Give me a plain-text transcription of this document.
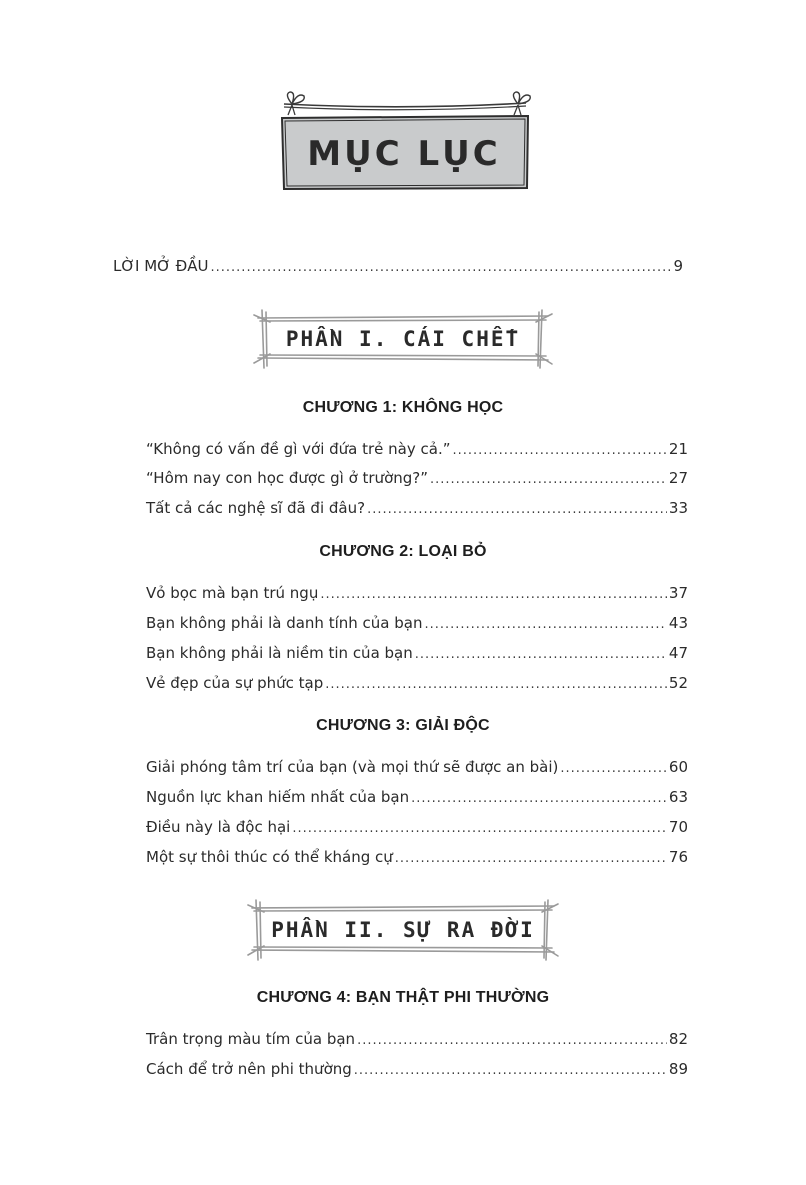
MỤC LỤC
LỜI MỞ ĐẦU .....	9
PHẦN I. CÁI CHẾT
CHƯƠNG 1: KHÔNG HỌC
“Không có vấn đề gì với đứa trẻ này cả.” .....	21
“Hôm nay con học được gì ở trường?” .....	27
Tất cả các nghệ sĩ đã đi đâu? .....	33
CHƯƠNG 2: LOẠI BỎ
Vỏ bọc mà bạn trú ngụ .....	37
Bạn không phải là danh tính của bạn .....	43
Bạn không phải là niềm tin của bạn .....	47
Vẻ đẹp của sự phức tạp .....	52
CHƯƠNG 3: GIẢI ĐỘC
Giải phóng tâm trí của bạn (và mọi thứ sẽ được an bài) .....	60
Nguồn lực khan hiếm nhất của bạn .....	63
Điều này là độc hại .....	70
Một sự thôi thúc có thể kháng cự .....	76
PHẦN II. SỰ RA ĐỜI
CHƯƠNG 4: BẠN THẬT PHI THƯỜNG
Trân trọng màu tím của bạn .....	82
Cách để trở nên phi thường .....	89
